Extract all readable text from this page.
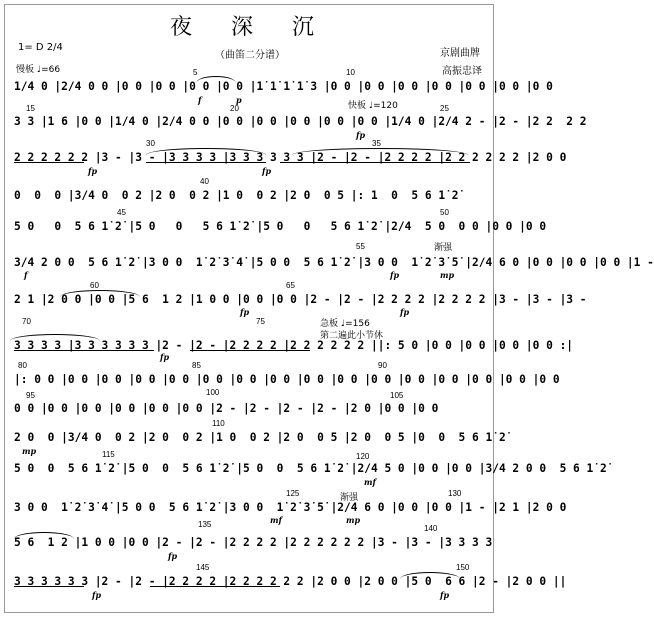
夜 深 沉
（曲笛二分谱）	京剧曲牌
高振忠译
1= D 2/4
慢板 ♩=66
快板 ♩=120
急板 ♩=156
第二遍此小节休
渐强
渐强
5	10
15	20	25
30	35
40
45	50
55
60	65
70	75
80	85	90
95	100	105
110
115	120
125	130
135	140
145	150
1/4 0 |2/4 0 0 |0 0 |0 0 |0 0 |0 0 |1̇ 1̇ 1̇ 1̇ 3 |0 0 |0 0 |0 0 |0 0 |0 0 |0 0 |0 0
3 3 |1 6 |0 0 |1/4 0 |2/4 0 0 |0 0 |0 0 |0 0 |0 0 |0 0 |1/4 0 |2/4 2 - |2 - |2 2  2 2
2 2 2 2 2 2 |3 - |3 - |3 3 3 3 |3 3 3 3 3 3 |2 - |2 - |2 2 2 2 |2 2 2 2 2 2 |2 0 0
0  0  0 |3/4 0  0 2 |2 0  0 2 |1 0  0 2 |2 0  0 5 |: 1  0  5 6 1̇ 2̇
5 0   0  5 6 1̇ 2̇ |5 0   0   5 6 1̇ 2̇ |5 0   0   5 6 1̇ 2̇ |2/4  5 0  0 0 |0 0 |0 0
3/4 2 0 0  5 6 1̇ 2̇ |3 0 0  1̇ 2̇ 3̇ 4̇ |5 0 0  5 6 1̇ 2̇ |3 0 0  1̇ 2̇ 3̇ 5̇ |2/4 6 0 |0 0 |0 0 |0 0 |1 -
2 1 |2 0 0 |0 0 |5 6  1 2 |1 0 0 |0 0 |0 0 |2 - |2 - |2 2 2 2 |2 2 2 2 |3 - |3 - |3 -
3 3 3 3 |3 3 3 3 3 3 |2 - |2 - |2 2 2 2 |2 2 2 2 2 2 ||: 5 0 |0 0 |0 0 |0 0 |0 0 :|
|: 0 0 |0 0 |0 0 |0 0 |0 0 |0 0 |0 0 |0 0 |0 0 |0 0 |0 0 |0 0 |0 0 |0 0 |0 0 |0 0
0 0 |0 0 |0 0 |0 0 |0 0 |0 0 |2 - |2 - |2 - |2 - |2 0 |0 0 |0 0
2 0  0 |3/4 0  0 2 |2 0  0 2 |1 0  0 2 |2 0  0 5 |2 0  0 5 |0  0  5 6 1̇ 2̇
5 0  0  5 6 1̇ 2̇ |5 0  0  5 6 1̇ 2̇ |5 0  0  5 6 1̇ 2̇ |2/4 5 0 |0 0 |0 0 |3/4 2 0 0  5 6 1̇ 2̇
3 0 0  1̇ 2̇ 3̇ 4̇ |5 0 0  5 6 1̇ 2̇ |3 0 0  1̇ 2̇ 3̇ 5̇ |2/4 6 0 |0 0 |0 0 |1 - |2 1 |2 0 0
5 6  1 2 |1 0 0 |0 0 |2 - |2 - |2 2 2 2 |2 2 2 2 2 2 |3 - |3 - |3 3 3 3
3 3 3 3 3 3 |2 - |2 - |2 2 2 2 |2 2 2 2 2 2 |2 0 0 |2 0 0 |5 0  6 6 |2 - |2 0 0 ||
f	p
fp
fp	fp
f	fp	mp
fp	fp
fp
mp
mf
mf	mp
fp
fp	fp
